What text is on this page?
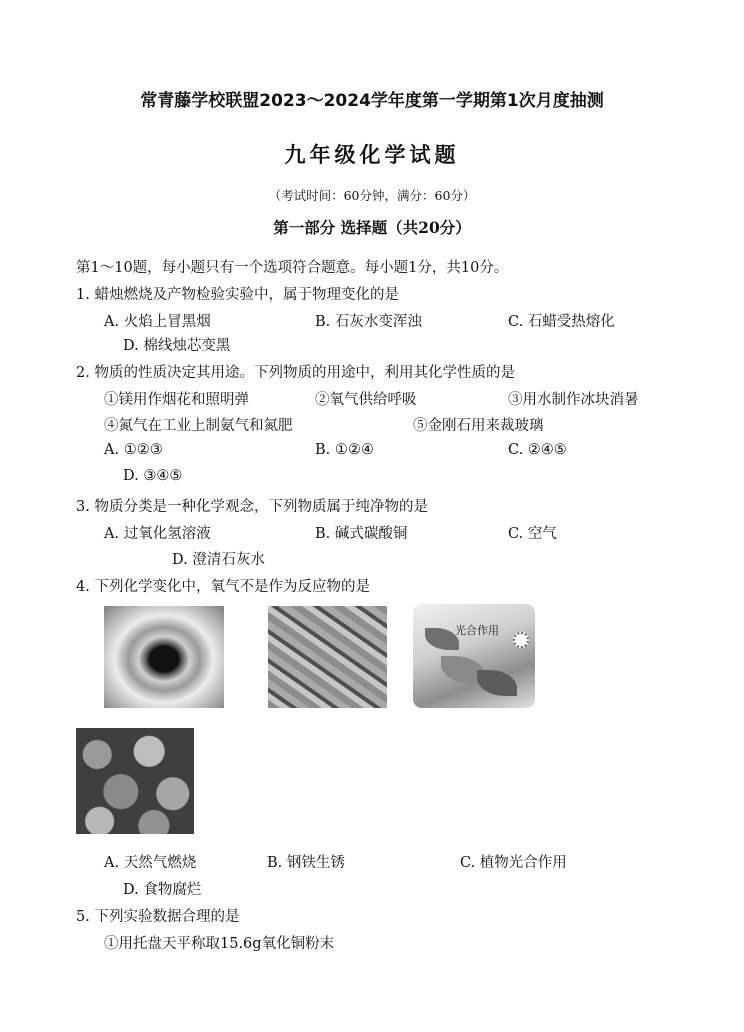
常青藤学校联盟2023～2024学年度第一学期第1次月度抽测
九年级化学试题
（考试时间：60分钟，满分：60分）
第一部分 选择题（共20分）
第1～10题，每小题只有一个选项符合题意。每小题1分，共10分。
1. 蜡烛燃烧及产物检验实验中，属于物理变化的是
A. 火焰上冒黑烟	B. 石灰水变浑浊	C. 石蜡受热熔化
D. 棉线烛芯变黑
2. 物质的性质决定其用途。下列物质的用途中，利用其化学性质的是
①镁用作烟花和照明弹	②氧气供给呼吸	③用水制作冰块消暑
④氮气在工业上制氨气和氮肥	⑤金刚石用来裁玻璃
A. ①②③	B. ①②④	C. ②④⑤
D. ③④⑤
3. 物质分类是一种化学观念，下列物质属于纯净物的是
A. 过氧化氢溶液	B. 碱式碳酸铜	C. 空气
D. 澄清石灰水
4. 下列化学变化中，氧气不是作为反应物的是
光合作用
A. 天然气燃烧	B. 钢铁生锈	C. 植物光合作用
D. 食物腐烂
5. 下列实验数据合理的是
①用托盘天平称取15.6g氧化铜粉末
